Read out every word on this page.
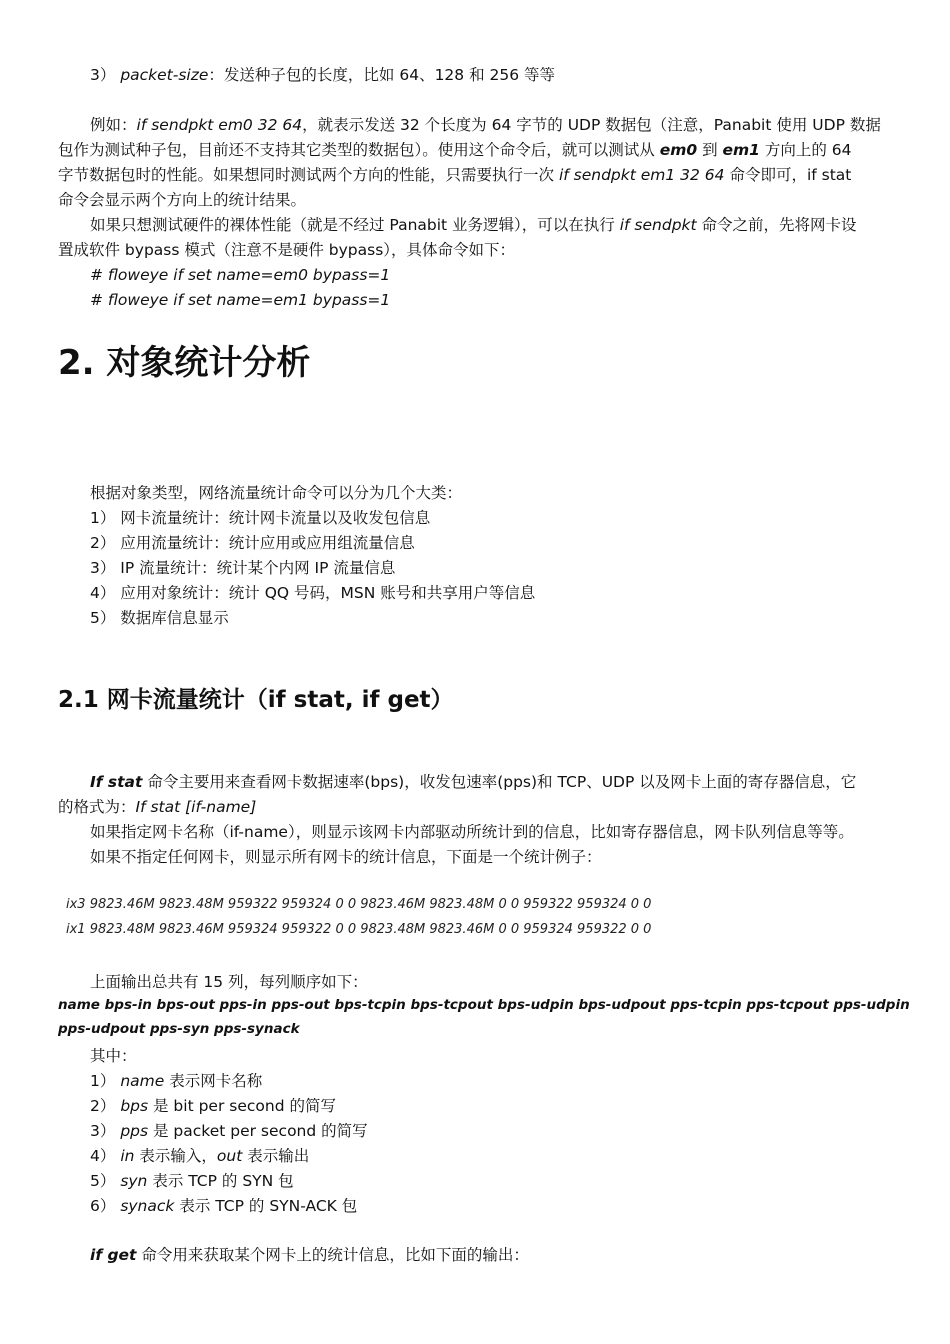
3） packet-size：发送种子包的长度，比如 64、128 和 256 等等
例如：if sendpkt em0 32 64，就表示发送 32 个长度为 64 字节的 UDP 数据包（注意，Panabit 使用 UDP 数据
包作为测试种子包，目前还不支持其它类型的数据包）。使用这个命令后，就可以测试从 em0 到 em1 方向上的 64
字节数据包时的性能。如果想同时测试两个方向的性能，只需要执行一次 if sendpkt em1 32 64 命令即可，if stat
命令会显示两个方向上的统计结果。
如果只想测试硬件的裸体性能（就是不经过 Panabit 业务逻辑），可以在执行 if sendpkt 命令之前，先将网卡设
置成软件 bypass 模式（注意不是硬件 bypass），具体命令如下：
# floweye if set name=em0 bypass=1
# floweye if set name=em1 bypass=1
2. 对象统计分析
根据对象类型，网络流量统计命令可以分为几个大类：
1） 网卡流量统计：统计网卡流量以及收发包信息
2） 应用流量统计：统计应用或应用组流量信息
3） IP 流量统计：统计某个内网 IP 流量信息
4） 应用对象统计：统计 QQ 号码，MSN 账号和共享用户等信息
5） 数据库信息显示
2.1 网卡流量统计（if stat, if get）
If stat 命令主要用来查看网卡数据速率(bps)，收发包速率(pps)和 TCP、UDP 以及网卡上面的寄存器信息，它
的格式为：If stat [if-name]
如果指定网卡名称（if-name），则显示该网卡内部驱动所统计到的信息，比如寄存器信息，网卡队列信息等等。
如果不指定任何网卡，则显示所有网卡的统计信息，下面是一个统计例子：
ix3 9823.46M 9823.48M 959322 959324 0 0 9823.46M 9823.48M 0 0 959322 959324 0 0
ix1 9823.48M 9823.46M 959324 959322 0 0 9823.48M 9823.46M 0 0 959324 959322 0 0
上面输出总共有 15 列，每列顺序如下：
name bps-in bps-out pps-in pps-out bps-tcpin bps-tcpout bps-udpin bps-udpout pps-tcpin pps-tcpout pps-udpin
pps-udpout pps-syn pps-synack
其中：
1） name 表示网卡名称
2） bps 是 bit per second 的简写
3） pps 是 packet per second 的简写
4） in 表示输入，out 表示输出
5） syn 表示 TCP 的 SYN 包
6） synack 表示 TCP 的 SYN-ACK 包
if get 命令用来获取某个网卡上的统计信息，比如下面的输出：
